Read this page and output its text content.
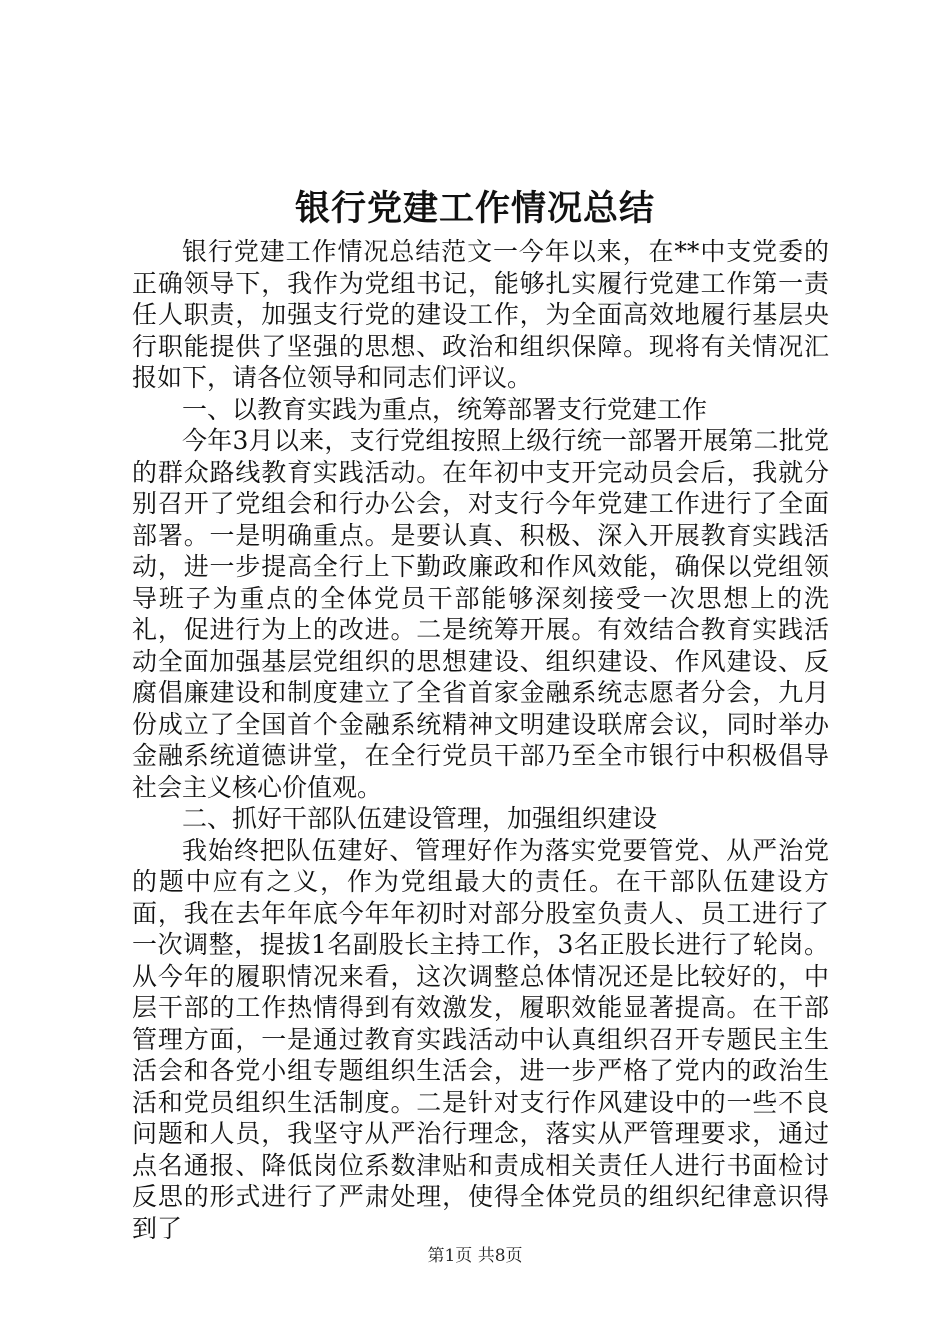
银行党建工作情况总结

银行党建工作情况总结范文一今年以来，在**中支党委的正确领导下，我作为党组书记，能够扎实履行党建工作第一责任人职责，加强支行党的建设工作，为全面高效地履行基层央行职能提供了坚强的思想、政治和组织保障。现将有关情况汇报如下，请各位领导和同志们评议。

一、以教育实践为重点，统筹部署支行党建工作

今年3月以来，支行党组按照上级行统一部署开展第二批党的群众路线教育实践活动。在年初中支开完动员会后，我就分别召开了党组会和行办公会，对支行今年党建工作进行了全面部署。一是明确重点。是要认真、积极、深入开展教育实践活动，进一步提高全行上下勤政廉政和作风效能，确保以党组领导班子为重点的全体党员干部能够深刻接受一次思想上的洗礼，促进行为上的改进。二是统筹开展。有效结合教育实践活动全面加强基层党组织的思想建设、组织建设、作风建设、反腐倡廉建设和制度建立了全省首家金融系统志愿者分会，九月份成立了全国首个金融系统精神文明建设联席会议，同时举办金融系统道德讲堂，在全行党员干部乃至全市银行中积极倡导社会主义核心价值观。

二、抓好干部队伍建设管理，加强组织建设

我始终把队伍建好、管理好作为落实党要管党、从严治党的题中应有之义，作为党组最大的责任。在干部队伍建设方面，我在去年年底今年年初时对部分股室负责人、员工进行了一次调整，提拔1名副股长主持工作，3名正股长进行了轮岗。从今年的履职情况来看，这次调整总体情况还是比较好的，中层干部的工作热情得到有效激发，履职效能显著提高。在干部管理方面，一是通过教育实践活动中认真组织召开专题民主生活会和各党小组专题组织生活会，进一步严格了党内的政治生活和党员组织生活制度。二是针对支行作风建设中的一些不良问题和人员，我坚守从严治行理念，落实从严管理要求，通过点名通报、降低岗位系数津贴和责成相关责任人进行书面检讨反思的形式进行了严肃处理，使得全体党员的组织纪律意识得到了

第1页 共8页
